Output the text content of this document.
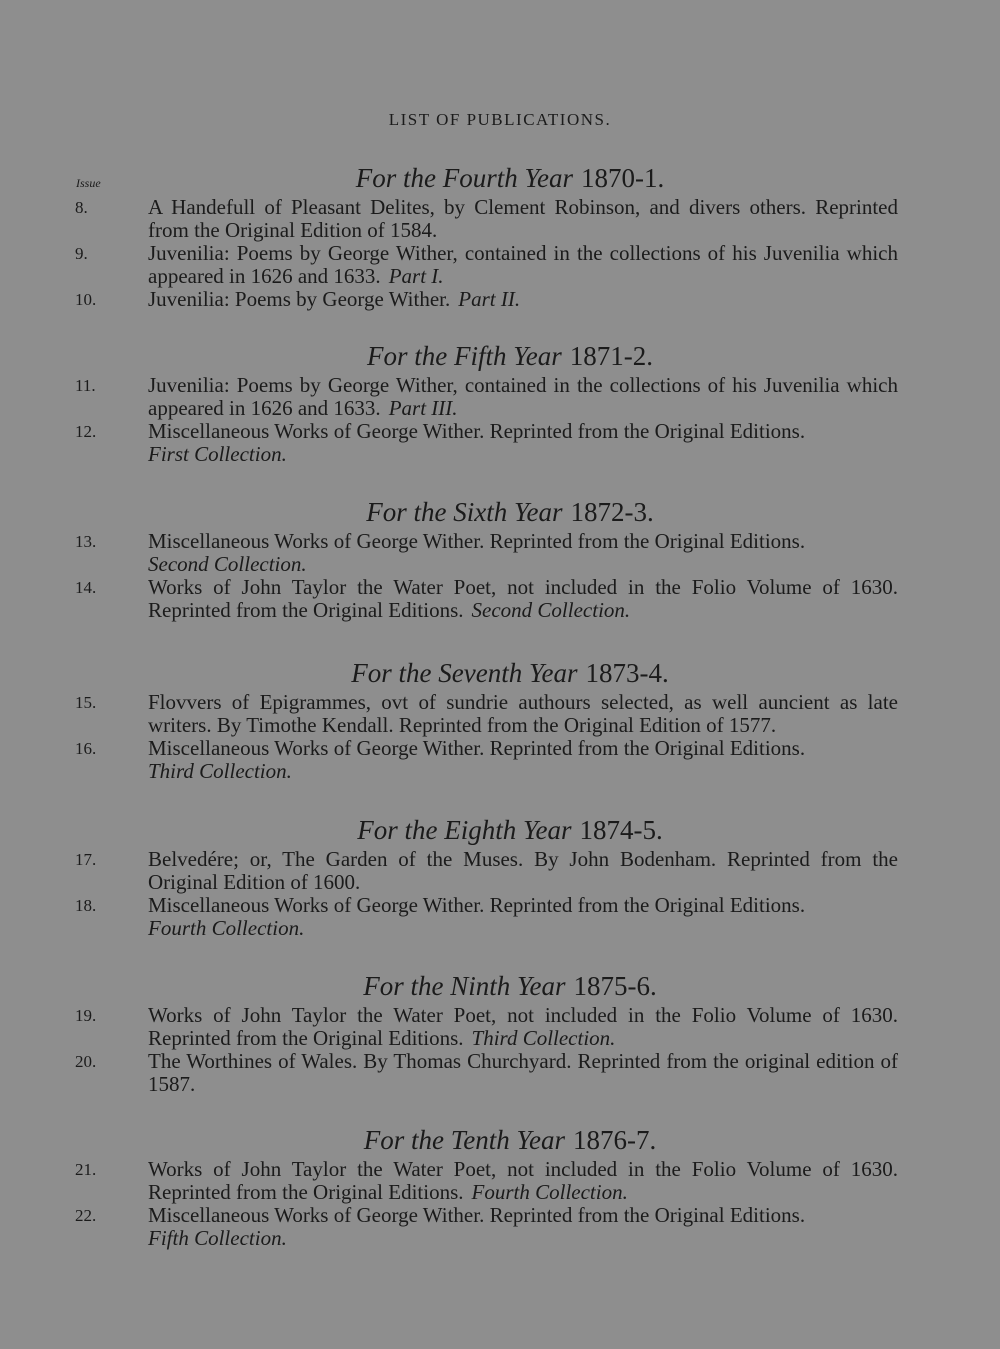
LIST OF PUBLICATIONS.
Issue	For the Fourth Year 1870-1.
8.	A Handefull of Pleasant Delites, by Clement Robinson, and divers others. Reprinted from the Original Edition of 1584.
9.	Juvenilia: Poems by George Wither, contained in the collections of his Juvenilia which appeared in 1626 and 1633. Part I.
10. Juvenilia: Poems by George Wither. Part II.
For the Fifth Year 1871-2.
11. Juvenilia: Poems by George Wither, contained in the collections of his Juvenilia which appeared in 1626 and 1633. Part III.
12. Miscellaneous Works of George Wither. Reprinted from the Original Editions.
First Collection.
For the Sixth Year 1872-3.
13. Miscellaneous Works of George Wither. Reprinted from the Original Editions.
Second Collection.
14. Works of John Taylor the Water Poet, not included in the Folio Volume of 1630. Reprinted from the Original Editions. Second Collection.
For the Seventh Year 1873-4.
15. Flovvers of Epigrammes, ovt of sundrie authours selected, as well auncient as late writers. By Timothe Kendall. Reprinted from the Original Edition of 1577.
16. Miscellaneous Works of George Wither. Reprinted from the Original Editions.
Third Collection.
For the Eighth Year 1874-5.
17. Belvedére; or, The Garden of the Muses. By John Bodenham. Reprinted from the Original Edition of 1600.
18. Miscellaneous Works of George Wither. Reprinted from the Original Editions.
Fourth Collection.
For the Ninth Year 1875-6.
19. Works of John Taylor the Water Poet, not included in the Folio Volume of 1630. Reprinted from the Original Editions. Third Collection.
20. The Worthines of Wales. By Thomas Churchyard. Reprinted from the original edition of 1587.
For the Tenth Year 1876-7.
21. Works of John Taylor the Water Poet, not included in the Folio Volume of 1630. Reprinted from the Original Editions. Fourth Collection.
22. Miscellaneous Works of George Wither. Reprinted from the Original Editions.
Fifth Collection.
